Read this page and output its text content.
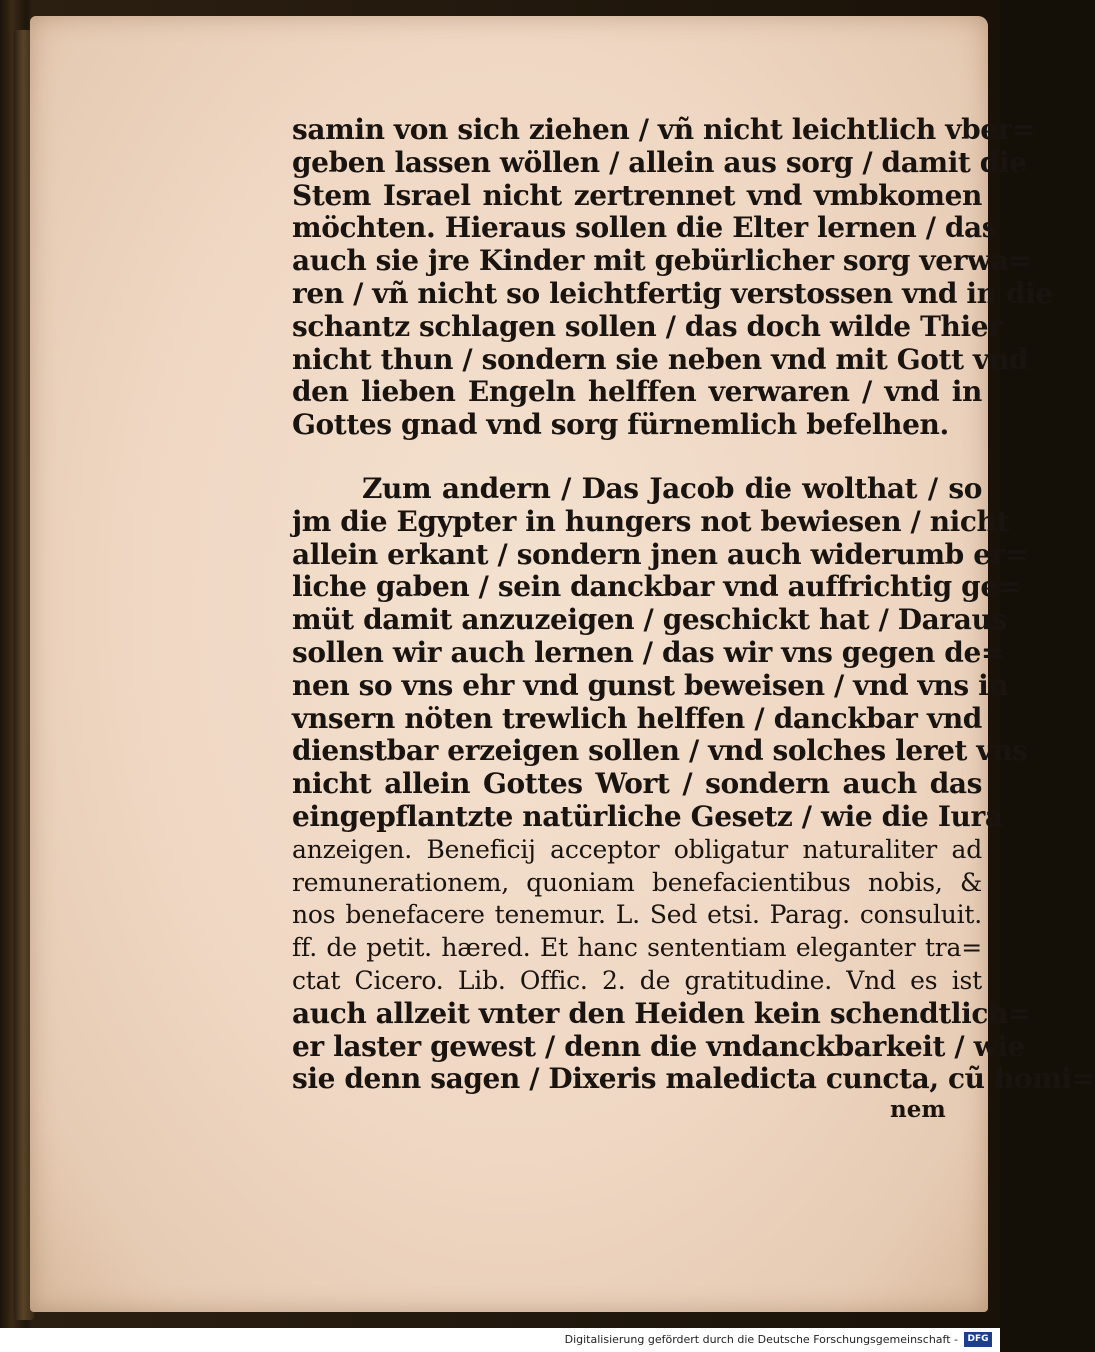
samin von sich ziehen / vñ nicht leichtlich vber=
geben lassen wöllen / allein aus sorg / damit die
Stem Israel nicht zertrennet vnd vmbkomen
möchten. Hieraus sollen die Elter lernen / das
auch sie jre Kinder mit gebürlicher sorg verwa=
ren / vñ nicht so leichtfertig verstossen vnd in die
schantz schlagen sollen / das doch wilde Thier
nicht thun / sondern sie neben vnd mit Gott vnd
den lieben Engeln helffen verwaren / vnd in
Gottes gnad vnd sorg fürnemlich befelhen.
Zum andern / Das Jacob die wolthat / so
jm die Egypter in hungers not bewiesen / nicht
allein erkant / sondern jnen auch widerumb er=
liche gaben / sein danckbar vnd auffrichtig ge=
müt damit anzuzeigen / geschickt hat / Daraus
sollen wir auch lernen / das wir vns gegen de=
nen so vns ehr vnd gunst beweisen / vnd vns in
vnsern nöten trewlich helffen / danckbar vnd
dienstbar erzeigen sollen / vnd solches leret vns
nicht allein Gottes Wort / sondern auch das
eingepflantzte natürliche Gesetz / wie die Iura
anzeigen. Beneficij acceptor obligatur naturaliter ad
remunerationem, quoniam benefacientibus nobis, &
nos benefacere tenemur. L. Sed etsi. Parag. consuluit.
ff. de petit. hæred. Et hanc sententiam eleganter tra=
ctat Cicero. Lib. Offic. 2. de gratitudine. Vnd es ist
auch allzeit vnter den Heiden kein schendtlich=
er laster gewest / denn die vndanckbarkeit / wie
sie denn sagen / Dixeris maledicta cuncta, cũ homi=
nem
Digitalisierung gefördert durch die Deutsche Forschungsgemeinschaft -	DFG
